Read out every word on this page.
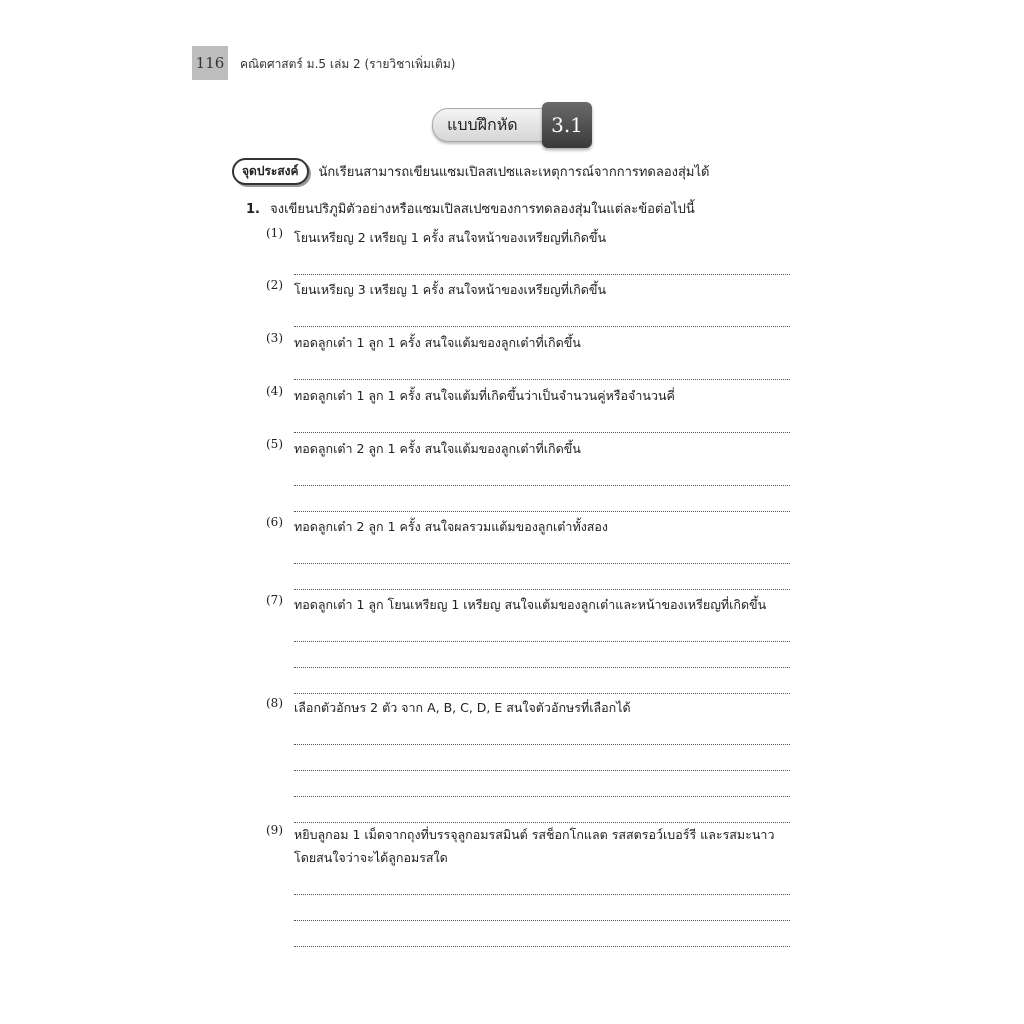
116	คณิตศาสตร์ ม.5 เล่ม 2 (รายวิชาเพิ่มเติม)
แบบฝึกหัด	3.1
จุดประสงค์	นักเรียนสามารถเขียนแซมเปิลสเปซและเหตุการณ์จากการทดลองสุ่มได้
1. จงเขียนปริภูมิตัวอย่างหรือแซมเปิลสเปซของการทดลองสุ่มในแต่ละข้อต่อไปนี้
(1) โยนเหรียญ 2 เหรียญ 1 ครั้ง สนใจหน้าของเหรียญที่เกิดขึ้น
(2) โยนเหรียญ 3 เหรียญ 1 ครั้ง สนใจหน้าของเหรียญที่เกิดขึ้น
(3) ทอดลูกเต๋า 1 ลูก 1 ครั้ง สนใจแต้มของลูกเต๋าที่เกิดขึ้น
(4) ทอดลูกเต๋า 1 ลูก 1 ครั้ง สนใจแต้มที่เกิดขึ้นว่าเป็นจำนวนคู่หรือจำนวนคี่
(5) ทอดลูกเต๋า 2 ลูก 1 ครั้ง สนใจแต้มของลูกเต๋าที่เกิดขึ้น
(6) ทอดลูกเต๋า 2 ลูก 1 ครั้ง สนใจผลรวมแต้มของลูกเต๋าทั้งสอง
(7) ทอดลูกเต๋า 1 ลูก โยนเหรียญ 1 เหรียญ สนใจแต้มของลูกเต๋าและหน้าของเหรียญที่เกิดขึ้น
(8) เลือกตัวอักษร 2 ตัว จาก A, B, C, D, E สนใจตัวอักษรที่เลือกได้
(9) หยิบลูกอม 1 เม็ดจากถุงที่บรรจุลูกอมรสมินต์ รสช็อกโกแลต รสสตรอว์เบอร์รี และรสมะนาว โดยสนใจว่าจะได้ลูกอมรสใด
